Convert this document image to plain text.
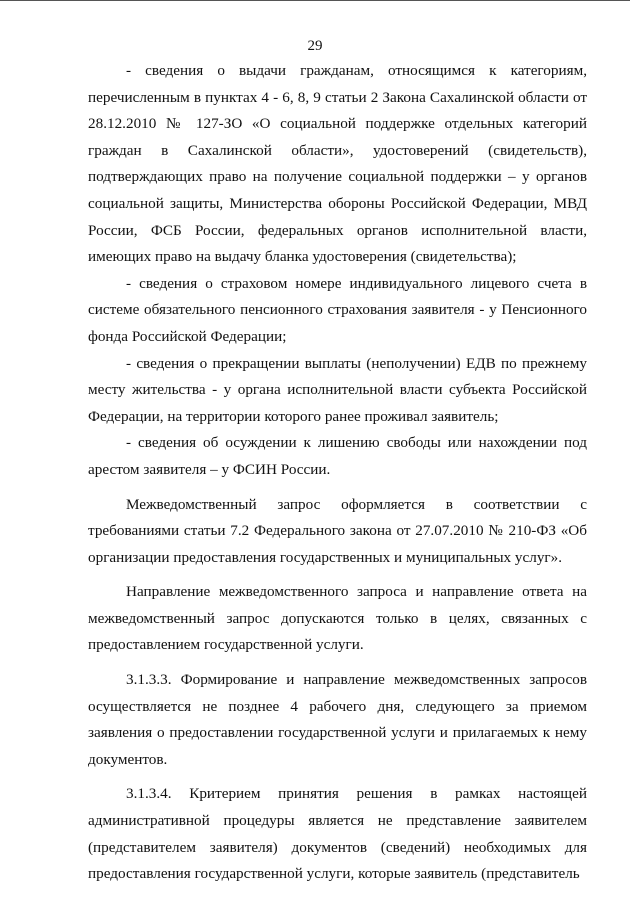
29

- сведения о выдачи гражданам, относящимся к категориям, перечисленным в пунктах 4 - 6, 8, 9 статьи 2 Закона Сахалинской области от 28.12.2010 № 127-ЗО «О социальной поддержке отдельных категорий граждан в Сахалинской области», удостоверений (свидетельств), подтверждающих право на получение социальной поддержки – у органов социальной защиты, Министерства обороны Российской Федерации, МВД России, ФСБ России, федеральных органов исполнительной власти, имеющих право на выдачу бланка удостоверения (свидетельства);

- сведения о страховом номере индивидуального лицевого счета в системе обязательного пенсионного страхования заявителя - у Пенсионного фонда Российской Федерации;

- сведения о прекращении выплаты (неполучении) ЕДВ по прежнему месту жительства - у органа исполнительной власти субъекта Российской Федерации, на территории которого ранее проживал заявитель;

- сведения об осуждении к лишению свободы или нахождении под арестом заявителя – у ФСИН России.

Межведомственный запрос оформляется в соответствии с требованиями статьи 7.2 Федерального закона от 27.07.2010 № 210-ФЗ «Об организации предоставления государственных и муниципальных услуг».

Направление межведомственного запроса и направление ответа на межведомственный запрос допускаются только в целях, связанных с предоставлением государственной услуги.

3.1.3.3. Формирование и направление межведомственных запросов осуществляется не позднее 4 рабочего дня, следующего за приемом заявления о предоставлении государственной услуги и прилагаемых к нему документов.

3.1.3.4. Критерием принятия решения в рамках настоящей административной процедуры является не представление заявителем (представителем заявителя) документов (сведений) необходимых для предоставления государственной услуги, которые заявитель (представитель
